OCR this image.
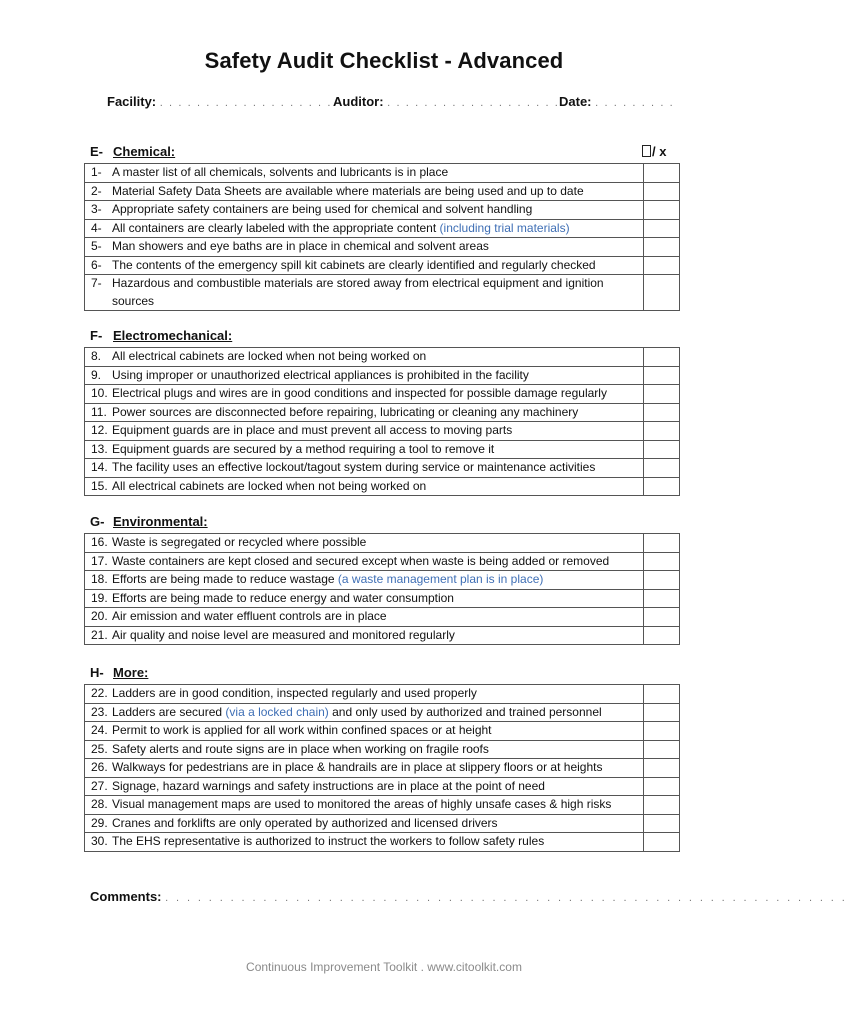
Safety Audit Checklist - Advanced
Facility: . . . . . . . . . . . . . . . . . . . Auditor: . . . . . . . . . . . . . . . . . . . Date: . . . . . . . . .
E- Chemical:	/ x
1- A master list of all chemicals, solvents and lubricants is in place
2- Material Safety Data Sheets are available where materials are being used and up to date
3- Appropriate safety containers are being used for chemical and solvent handling
4- All containers are clearly labeled with the appropriate content (including trial materials)
5- Man showers and eye baths are in place in chemical and solvent areas
6- The contents of the emergency spill kit cabinets are clearly identified and regularly checked
7- Hazardous and combustible materials are stored away from electrical equipment and ignition sources
F- Electromechanical:
8. All electrical cabinets are locked when not being worked on
9. Using improper or unauthorized electrical appliances is prohibited in the facility
10. Electrical plugs and wires are in good conditions and inspected for possible damage regularly
11. Power sources are disconnected before repairing, lubricating or cleaning any machinery
12. Equipment guards are in place and must prevent all access to moving parts
13. Equipment guards are secured by a method requiring a tool to remove it
14. The facility uses an effective lockout/tagout system during service or maintenance activities
15. All electrical cabinets are locked when not being worked on
G- Environmental:
16. Waste is segregated or recycled where possible
17. Waste containers are kept closed and secured except when waste is being added or removed
18. Efforts are being made to reduce wastage (a waste management plan is in place)
19. Efforts are being made to reduce energy and water consumption
20. Air emission and water effluent controls are in place
21. Air quality and noise level are measured and monitored regularly
H- More:
22. Ladders are in good condition, inspected regularly and used properly
23. Ladders are secured (via a locked chain) and only used by authorized and trained personnel
24. Permit to work is applied for all work within confined spaces or at height
25. Safety alerts and route signs are in place when working on fragile roofs
26. Walkways for pedestrians are in place & handrails are in place at slippery floors or at heights
27. Signage, hazard warnings and safety instructions are in place at the point of need
28. Visual management maps are used to monitored the areas of highly unsafe cases & high risks
29. Cranes and forklifts are only operated by authorized and licensed drivers
30. The EHS representative is authorized to instruct the workers to follow safety rules
Comments: . . . . . . . . . . . . . . . . . . . . . . . . . . . . . . . . . . . . . . . . . . . . . . . . . . . . . . . . . . . . . . .
Continuous Improvement Toolkit . www.citoolkit.com
